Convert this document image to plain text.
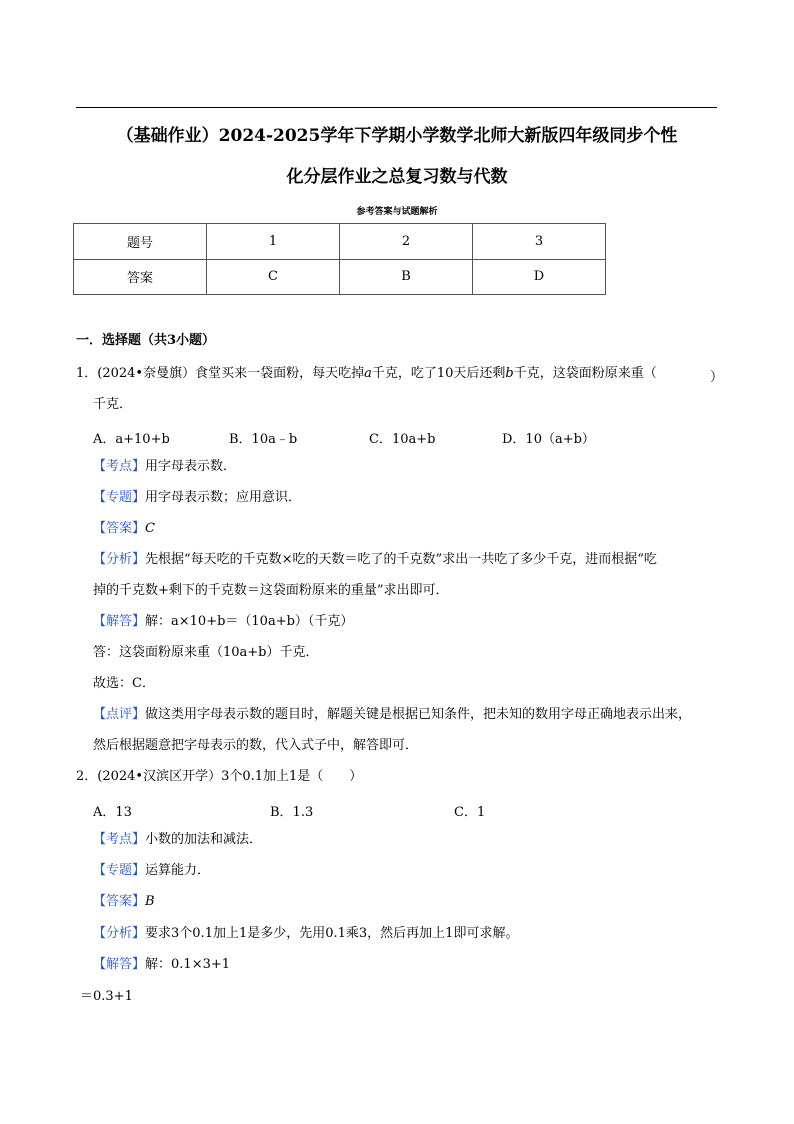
（基础作业）2024-2025学年下学期小学数学北师大新版四年级同步个性
化分层作业之总复习数与代数
参考答案与试题解析
题号	1	2	3
答案	C	B	D
一．选择题（共3小题）
1．(2024•奈曼旗）食堂买来一袋面粉，每天吃掉a千克，吃了10天后还剩b千克，这袋面粉原来重（	）
千克．
A．a+10+b	B．10a﹣b	C．10a+b	D．10（a+b）
【考点】用字母表示数．
【专题】用字母表示数；应用意识．
【答案】C
【分析】先根据“每天吃的千克数×吃的天数＝吃了的千克数”求出一共吃了多少千克，进而根据“吃
掉的千克数+剩下的千克数＝这袋面粉原来的重量”求出即可．
【解答】解：a×10+b＝（10a+b）（千克）
答：这袋面粉原来重（10a+b）千克．
故选：C．
【点评】做这类用字母表示数的题目时，解题关键是根据已知条件，把未知的数用字母正确地表示出来，
然后根据题意把字母表示的数，代入式子中，解答即可．
2．(2024•汉滨区开学）3个0.1加上1是（　　）
A．13	B．1.3	C．1
【考点】小数的加法和减法．
【专题】运算能力．
【答案】B
【分析】要求3个0.1加上1是多少，先用0.1乘3，然后再加上1即可求解。
【解答】解：0.1×3+1
＝0.3+1
